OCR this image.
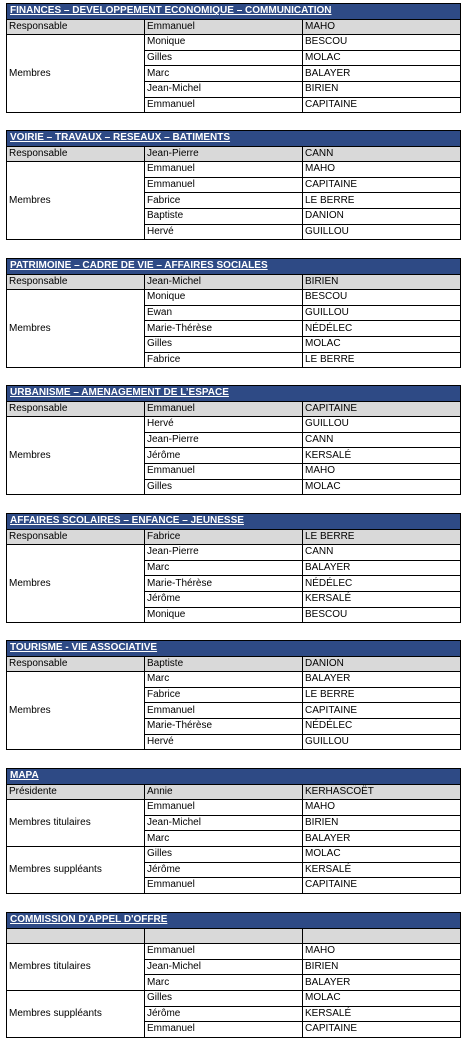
FINANCES – DEVELOPPEMENT ECONOMIQUE – COMMUNICATION		
Responsable	Emmanuel	MAHO
Membres	Monique	BESCOU
	Gilles	MOLAC
	Marc	BALAYER
	Jean-Michel	BIRIEN
	Emmanuel	CAPITAINE
VOIRIE – TRAVAUX – RESEAUX – BATIMENTS		
Responsable	Jean-Pierre	CANN
Membres	Emmanuel	MAHO
	Emmanuel	CAPITAINE
	Fabrice	LE BERRE
	Baptiste	DANION
	Hervé	GUILLOU
PATRIMOINE – CADRE DE VIE – AFFAIRES SOCIALES		
Responsable	Jean-Michel	BIRIEN
Membres	Monique	BESCOU
	Ewan	GUILLOU
	Marie-Thérèse	NÉDÉLEC
	Gilles	MOLAC
	Fabrice	LE BERRE
URBANISME – AMENAGEMENT DE L’ESPACE		
Responsable	Emmanuel	CAPITAINE
Membres	Hervé	GUILLOU
	Jean-Pierre	CANN
	Jérôme	KERSALÉ
	Emmanuel	MAHO
	Gilles	MOLAC
AFFAIRES SCOLAIRES – ENFANCE – JEUNESSE		
Responsable	Fabrice	LE BERRE
Membres	Jean-Pierre	CANN
	Marc	BALAYER
	Marie-Thérèse	NÉDÉLEC
	Jérôme	KERSALÉ
	Monique	BESCOU
TOURISME - VIE ASSOCIATIVE		
Responsable	Baptiste	DANION
Membres	Marc	BALAYER
	Fabrice	LE BERRE
	Emmanuel	CAPITAINE
	Marie-Thérèse	NÉDÉLEC
	Hervé	GUILLOU
MAPA		
Présidente	Annie	KERHASCOËT
Membres titulaires	Emmanuel	MAHO
	Jean-Michel	BIRIEN
	Marc	BALAYER
Membres suppléants	Gilles	MOLAC
	Jérôme	KERSALÉ
	Emmanuel	CAPITAINE
COMMISSION D'APPEL D'OFFRE		

Membres titulaires	Emmanuel	MAHO
	Jean-Michel	BIRIEN
	Marc	BALAYER
Membres suppléants	Gilles	MOLAC
	Jérôme	KERSALÉ
	Emmanuel	CAPITAINE
